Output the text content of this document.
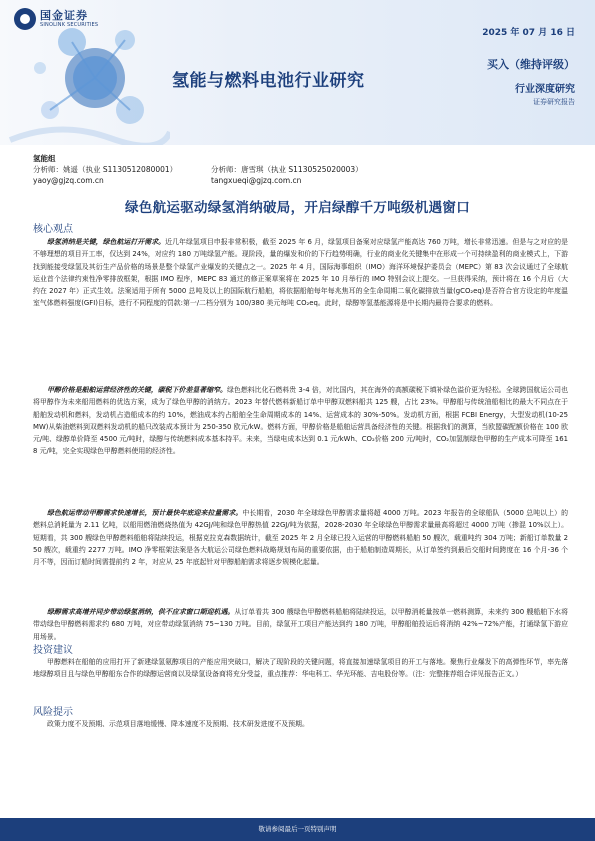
国金证券
SINOLINK SECURITIES
2025 年 07 月 16 日
氢能与燃料电池行业研究
买入（维持评级）
行业深度研究
证券研究报告
氢能组
分析师：姚遥（执业 S1130512080001）
yaoy@gjzq.com.cn
分析师：唐雪琪（执业 S1130525020003）
tangxueqi@gjzq.com.cn
绿色航运驱动绿氢消纳破局，开启绿醇千万吨级机遇窗口
核心观点
绿氢消纳是关键，绿色航运打开需求。近几年绿氢项目申报非常积极，截至 2025 年 6 月，绿氢项目备案对应绿氢产能高达 760 万吨，增长非常迅速。但是与之对应的是不够理想的项目开工率，仅达到 24%，对应约 180 万吨绿氢产能。现阶段，量的爆发和价的下行趋势明确，行业的商业化关键集中在形成一个可持续盈利的商业模式上，下游找到能接受绿氢及其衍生产品价格的场景是整个绿氢产业爆发的关键点之一。2025 年 4 月，国际海事组织（IMO）海洋环境保护委员会（MEPC）第 83 次会议通过了全球航运业首个法律约束性净零排放框架，根据 IMO 程序，MEPC 83 通过的修正案草案将在 2025 年 10 月举行的 IMO 特别会议上提交。一旦获得采纳，预计将在 16 个月后（大约在 2027 年）正式生效。法案适用于所有 5000 总吨及以上的国际航行船舶，将依据船舶每年每兆焦耳的全生命周期二氧化碳排放当量(gCO₂eq)是否符合官方设定的年度温室气体燃料强度(GFI)目标，进行不同程度的罚款:第一/二档分别为 100/380 美元每吨 CO₂eq。此时，绿醇等氢基能源将是中长期内最符合要求的燃料。
甲醇价格是船舶运营经济性的关键，碳税下价差显著缩窄。绿色燃料比化石燃料贵 3-4 倍，对比国内，其在海外的高额碳税下填补绿色溢价更为轻松。全球跨国航运公司也将甲醇作为未来船用燃料的优选方案，成为了绿色甲醇的消纳方。2023 年替代燃料新船订单中甲醇双燃料船共 125 艘，占比 23%。甲醇船与传统油船相比的最大不同点在于船舶发动机和燃料，发动机占造船成本的约 10%，燃油成本约占船舶全生命周期成本的 14%、运营成本的 30%-50%。发动机方面，根据 FCBI Energy，大型发动机(10-25MW)从柴油燃料到双燃料发动机的船只改装成本预计为 250-350 欧元/kW。燃料方面，甲醇价格是船舶运营具备经济性的关键。根据我们的测算，当欧盟碳配额价格在 100 欧元/吨、绿醇单价降至 4500 元/吨时，绿醇与传统燃料成本基本持平。未来，当绿电成本达到 0.1 元/kWh、CO₂价格 200 元/吨时，CO₂加氢制绿色甲醇的生产成本可降至 1618 元/吨，完全实现绿色甲醇燃料使用的经济性。
绿色航运带动甲醇需求快速增长，预计最快年底迎来拉量需求。中长期看，2030 年全球绿色甲醇需求量将超 4000 万吨。2023 年报告的全球船队（5000 总吨以上）的燃料总消耗量为 2.11 亿吨，以船用燃油燃烧热值为 42GJ/吨和绿色甲醇热值 22GJ/吨为依据，2028-2030 年全球绿色甲醇需求量最高将超过 4000 万吨（掺混 10%以上）。短期看，共 300 艘绿色甲醇燃料船舶将陆续投运，根据克拉克森数据统计，截至 2025 年 2 月全球已投入运营的甲醇燃料船舶 50 艘次，载重吨约 304 万吨；新船订单数量 250 艘次，载重约 2277 万吨。IMO 净零框架法案是各大航运公司绿色燃料战略规划布局的重要依据，由于船舶制造周期长，从订单签约到最后交船时间跨度在 16 个月-36 个月不等，因而订船时间需提前约 2 年，对应从 25 年底起针对甲醇船舶需求将逐步规模化起量。
绿醇需求高增并同步带动绿氢消纳，供不应求窗口期迎机遇。从订单看共 300 艘绿色甲醇燃料船舶将陆续投运，以甲醇消耗量按单一燃料测算，未来约 300 艘船舶下水将带动绿色甲醇燃料需求约 680 万吨，对应带动绿氢消纳 75~130 万吨。目前，绿氢开工项目产能达到约 180 万吨，甲醇船舶投运后将消纳 42%~72%产能，打通绿氢下游应用场景。
投资建议
甲醇燃料在船舶的应用打开了新建绿氢氨醇项目的产能应用突破口，解决了现阶段的关键问题，将直接加速绿氢项目的开工与落地。聚焦行业爆发下的高弹性环节，率先落地绿醇项目且与绿色甲醇船东合作的绿醇运营商以及绿氢设备商将充分受益，重点推荐：华电科工、华光环能、吉电股份等。（注：完整推荐组合详见报告正文。）
风险提示
政策力度不及预期、示范项目落地缓慢、降本速度不及预期、技术研发进度不及预期。
敬请参阅最后一页特别声明
